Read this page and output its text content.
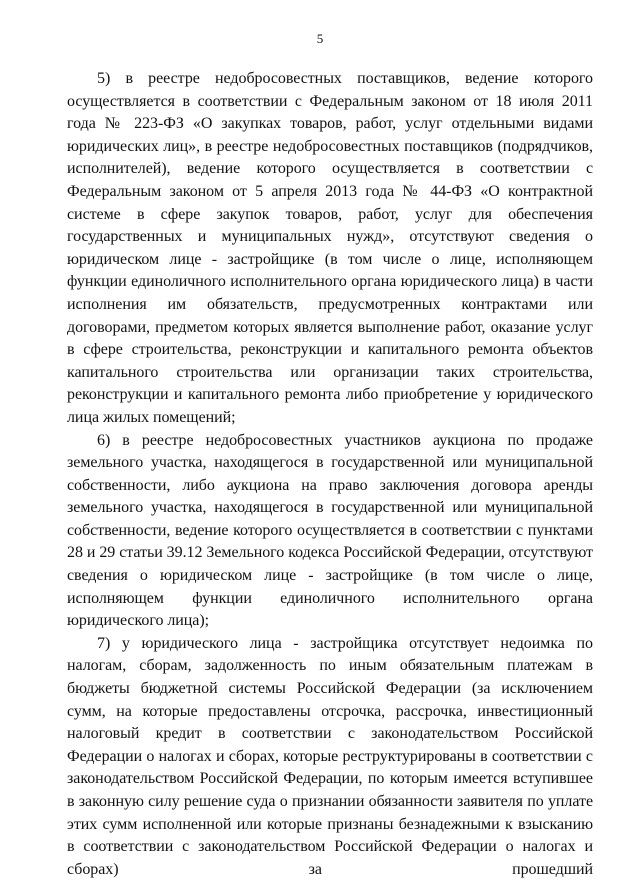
5

5) в реестре недобросовестных поставщиков, ведение которого осуществляется в соответствии с Федеральным законом от 18 июля 2011 года № 223-ФЗ «О закупках товаров, работ, услуг отдельными видами юридических лиц», в реестре недобросовестных поставщиков (подрядчиков, исполнителей), ведение которого осуществляется в соответствии с Федеральным законом от 5 апреля 2013 года № 44-ФЗ «О контрактной системе в сфере закупок товаров, работ, услуг для обеспечения государственных и муниципальных нужд», отсутствуют сведения о юридическом лице - застройщике (в том числе о лице, исполняющем функции единоличного исполнительного органа юридического лица) в части исполнения им обязательств, предусмотренных контрактами или договорами, предметом которых является выполнение работ, оказание услуг в сфере строительства, реконструкции и капитального ремонта объектов капитального строительства или организации таких строительства, реконструкции и капитального ремонта либо приобретение у юридического лица жилых помещений;

6) в реестре недобросовестных участников аукциона по продаже земельного участка, находящегося в государственной или муниципальной собственности, либо аукциона на право заключения договора аренды земельного участка, находящегося в государственной или муниципальной собственности, ведение которого осуществляется в соответствии с пунктами 28 и 29 статьи 39.12 Земельного кодекса Российской Федерации, отсутствуют сведения о юридическом лице - застройщике (в том числе о лице, исполняющем функции единоличного исполнительного органа юридического лица);

7) у юридического лица - застройщика отсутствует недоимка по налогам, сборам, задолженность по иным обязательным платежам в бюджеты бюджетной системы Российской Федерации (за исключением сумм, на которые предоставлены отсрочка, рассрочка, инвестиционный налоговый кредит в соответствии с законодательством Российской Федерации о налогах и сборах, которые реструктурированы в соответствии с законодательством Российской Федерации, по которым имеется вступившее в законную силу решение суда о признании обязанности заявителя по уплате этих сумм исполненной или которые признаны безнадежными к взысканию в соответствии с законодательством Российской Федерации о налогах и сборах) за прошедший
